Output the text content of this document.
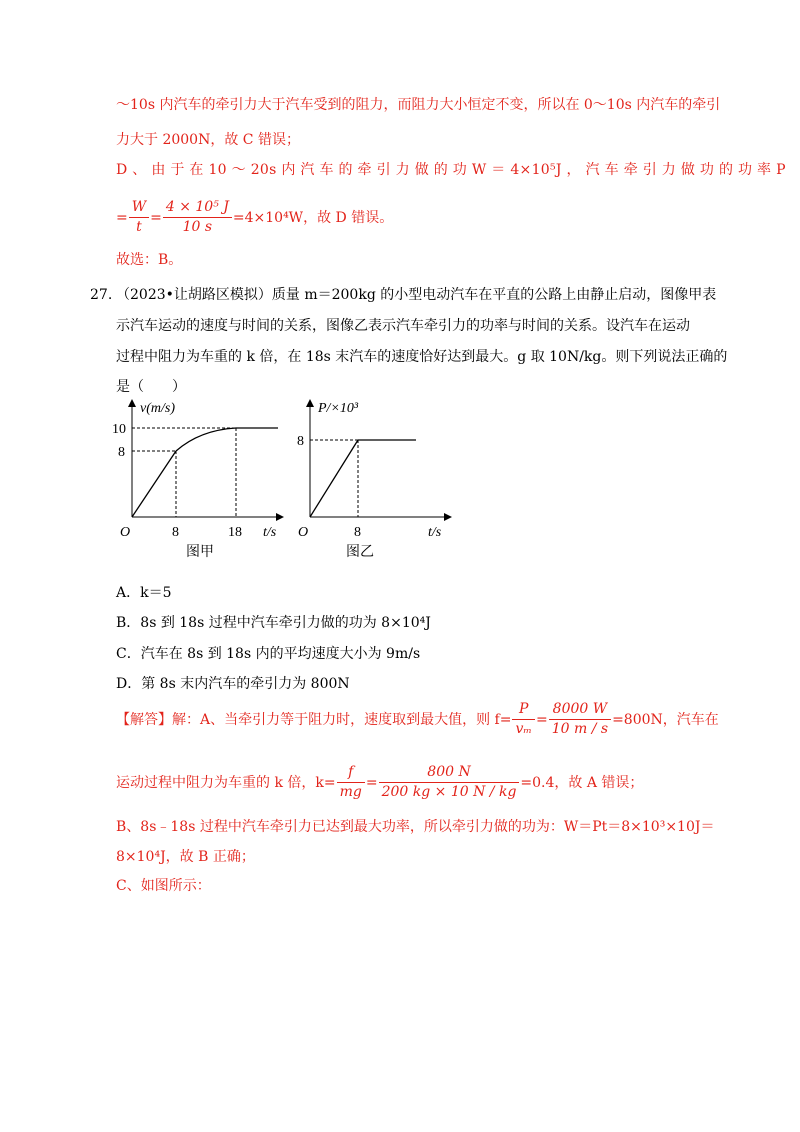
～10s 内汽车的牵引力大于汽车受到的阻力，而阻力大小恒定不变，所以在 0～10s 内汽车的牵引
力大于 2000N，故 C 错误；
D 、 由 于 在 10 ～ 20s 内 汽 车 的 牵 引 力 做 的 功 W ＝ 4×10⁵J ， 汽 车 牵 引 力 做 功 的 功 率 P
= $\frac{W}{t} = \frac{\text{4 × 10⁵ J}}{10 s} =4\times 10^4W$，故 D 错误。
故选：B。
27. （2023•让胡路区模拟）质量 m＝200kg 的小型电动汽车在平直的公路上由静止启动，图像甲表
示汽车运动的速度与时间的关系，图像乙表示汽车牵引力的功率与时间的关系。设汽车在运动
过程中阻力为车重的 k 倍，在 18s 末汽车的速度恰好达到最大。g 取 10N/kg。则下列说法正确的
是（　　）
v(m/s)
10
8
O	8	18 t/s
图甲
P/×10³
8
O	8	t/s
图乙
A．k＝5
B．8s 到 18s 过程中汽车牵引力做的功为 8×10⁴J
C．汽车在 8s 到 18s 内的平均速度大小为 9m/s
D．第 8s 末内汽车的牵引力为 800N
【解答】解：A、当牵引力等于阻力时，速度取到最大值，则 $f= \frac{P}{\text{vₘ}} = \frac{8000 W}{10 m / s} =800N$，汽车在
运动过程中阻力为车重的 k 倍，$k= \frac{f}{mg} = \frac{800 N}{200 kg \times 10 N / kg} =0.4$，故 A 错误；
B、8s﹣18s 过程中汽车牵引力已达到最大功率，所以牵引力做的功为：W＝Pt＝8×10³×10J＝
8×10⁴J，故 B 正确；
C、如图所示：
